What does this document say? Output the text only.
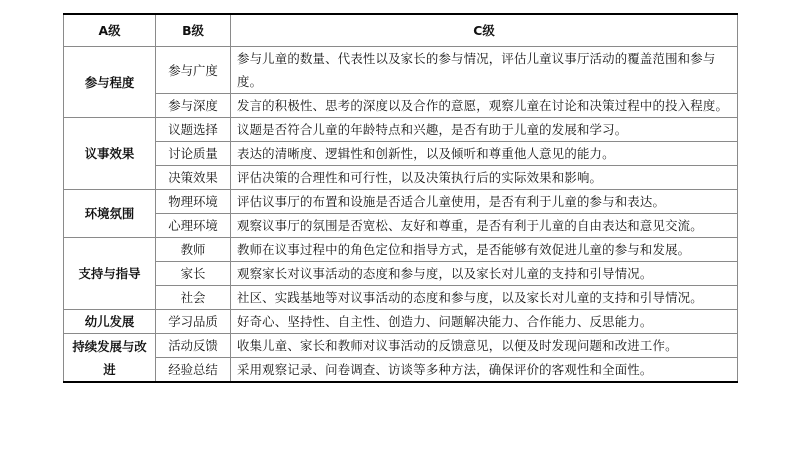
A级	B级	C级
参与程度	参与广度	参与儿童的数量、代表性以及家长的参与情况，评估儿童议事厅活动的覆盖范围和参与度。
	参与深度	发言的积极性、思考的深度以及合作的意愿，观察儿童在讨论和决策过程中的投入程度。
议事效果	议题选择	议题是否符合儿童的年龄特点和兴趣，是否有助于儿童的发展和学习。
	讨论质量	表达的清晰度、逻辑性和创新性，以及倾听和尊重他人意见的能力。
	决策效果	评估决策的合理性和可行性，以及决策执行后的实际效果和影响。
环境氛围	物理环境	评估议事厅的布置和设施是否适合儿童使用，是否有利于儿童的参与和表达。
	心理环境	观察议事厅的氛围是否宽松、友好和尊重，是否有利于儿童的自由表达和意见交流。
支持与指导	教师	教师在议事过程中的角色定位和指导方式，是否能够有效促进儿童的参与和发展。
	家长	观察家长对议事活动的态度和参与度，以及家长对儿童的支持和引导情况。
	社会	社区、实践基地等对议事活动的态度和参与度，以及家长对儿童的支持和引导情况。
幼儿发展	学习品质	好奇心、坚持性、自主性、创造力、问题解决能力、合作能力、反思能力。
持续发展与改进	活动反馈	收集儿童、家长和教师对议事活动的反馈意见，以便及时发现问题和改进工作。
	经验总结	采用观察记录、问卷调查、访谈等多种方法，确保评价的客观性和全面性。
